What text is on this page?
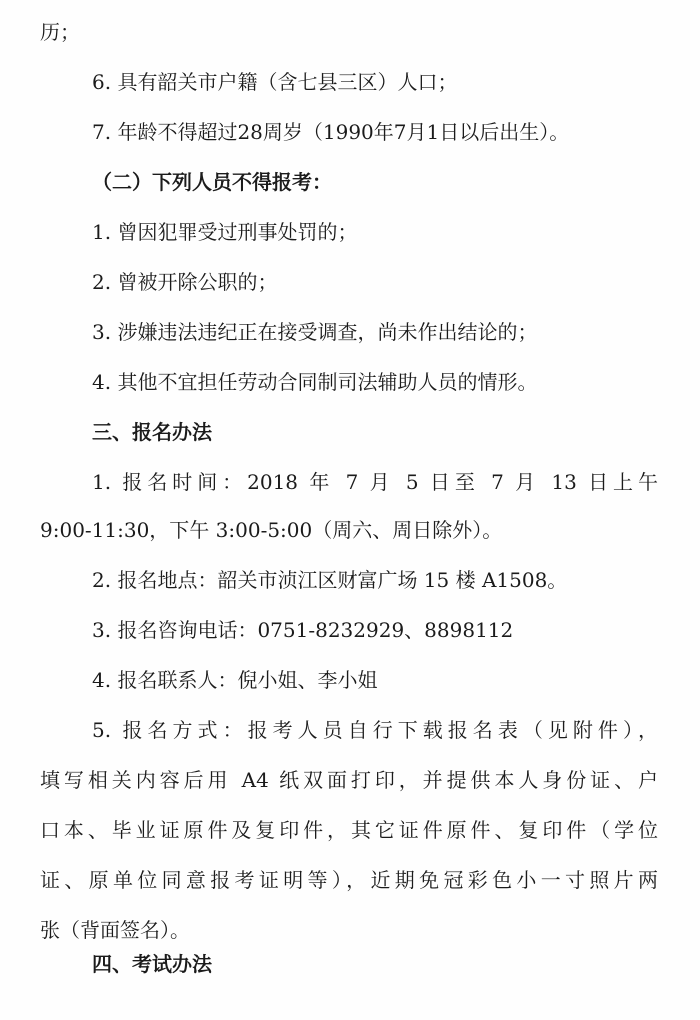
历；
6. 具有韶关市户籍（含七县三区）人口；
7. 年龄不得超过28周岁（1990年7月1日以后出生）。
（二）下列人员不得报考：
1. 曾因犯罪受过刑事处罚的；
2. 曾被开除公职的；
3. 涉嫌违法违纪正在接受调查，尚未作出结论的；
4. 其他不宜担任劳动合同制司法辅助人员的情形。
三、报名办法
1. 报名时间：2018 年 7 月 5 日至 7 月 13 日上午
9:00-11:30，下午 3:00-5:00（周六、周日除外）。
2. 报名地点：韶关市浈江区财富广场 15 楼 A1508。
3. 报名咨询电话：0751-8232929、8898112
4. 报名联系人：倪小姐、李小姐
5. 报名方式：报考人员自行下载报名表（见附件），
填写相关内容后用 A4 纸双面打印，并提供本人身份证、户
口本、毕业证原件及复印件，其它证件原件、复印件（学位
证、原单位同意报考证明等），近期免冠彩色小一寸照片两
张（背面签名）。
四、考试办法
